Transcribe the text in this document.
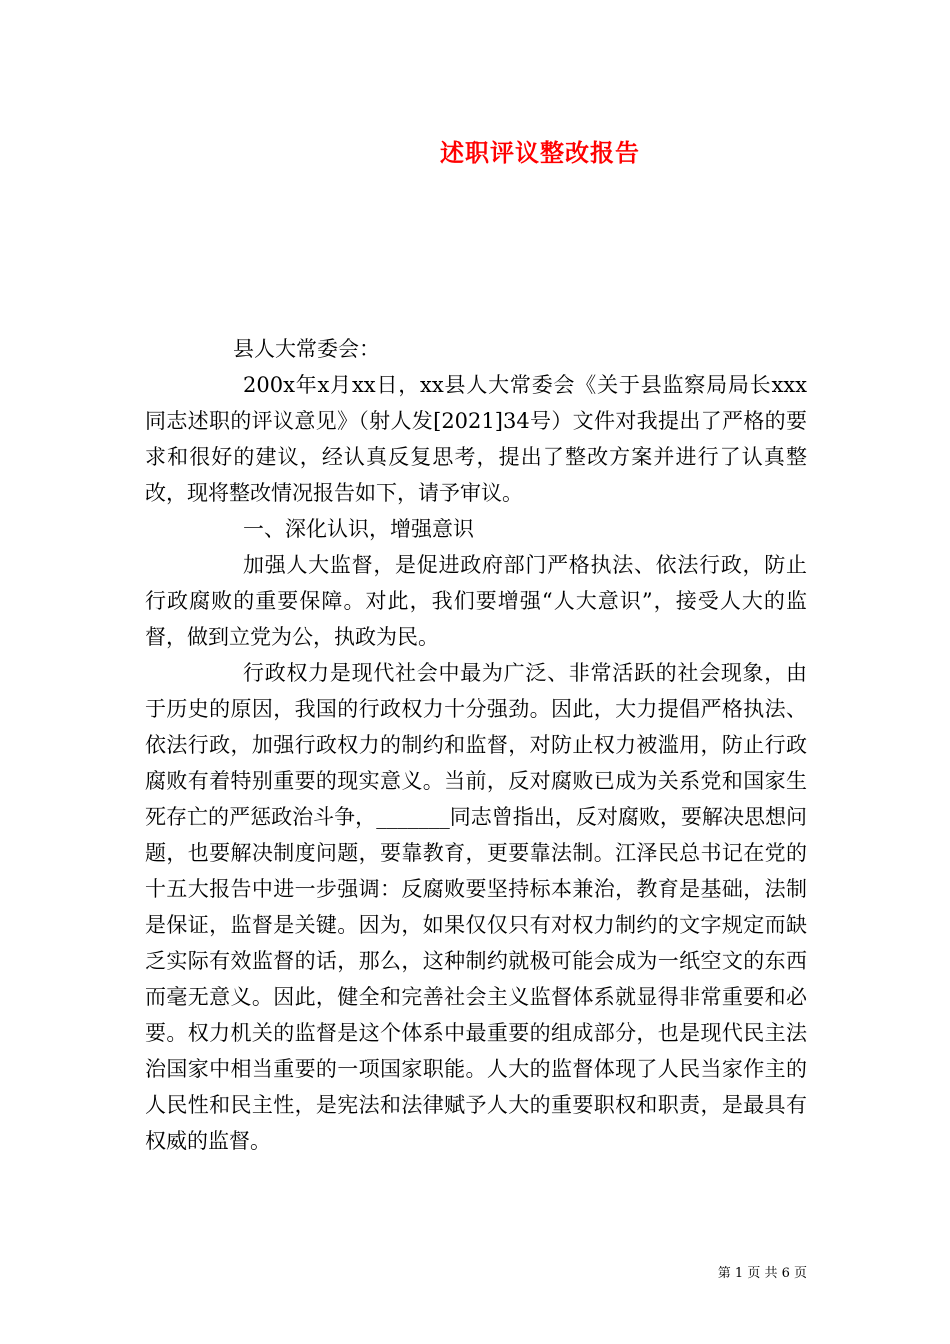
述职评议整改报告

县人大常委会：

200x年x月xx日，xx县人大常委会《关于县监察局局长xxx同志述职的评议意见》（射人发[2021]34号）文件对我提出了严格的要求和很好的建议，经认真反复思考，提出了整改方案并进行了认真整改，现将整改情况报告如下，请予审议。

一、深化认识，增强意识

加强人大监督，是促进政府部门严格执法、依法行政，防止行政腐败的重要保障。对此，我们要增强“人大意识”，接受人大的监督，做到立党为公，执政为民。

行政权力是现代社会中最为广泛、非常活跃的社会现象，由于历史的原因，我国的行政权力十分强劲。因此，大力提倡严格执法、依法行政，加强行政权力的制约和监督，对防止权力被滥用，防止行政腐败有着特别重要的现实意义。当前，反对腐败已成为关系党和国家生死存亡的严惩政治斗争，_______同志曾指出，反对腐败，要解决思想问题，也要解决制度问题，要靠教育，更要靠法制。江泽民总书记在党的十五大报告中进一步强调：反腐败要坚持标本兼治，教育是基础，法制是保证，监督是关键。因为，如果仅仅只有对权力制约的文字规定而缺乏实际有效监督的话，那么，这种制约就极可能会成为一纸空文的东西而毫无意义。因此，健全和完善社会主义监督体系就显得非常重要和必要。权力机关的监督是这个体系中最重要的组成部分，也是现代民主法治国家中相当重要的一项国家职能。人大的监督体现了人民当家作主的人民性和民主性，是宪法和法律赋予人大的重要职权和职责，是最具有权威的监督。

第 1 页 共 6 页
